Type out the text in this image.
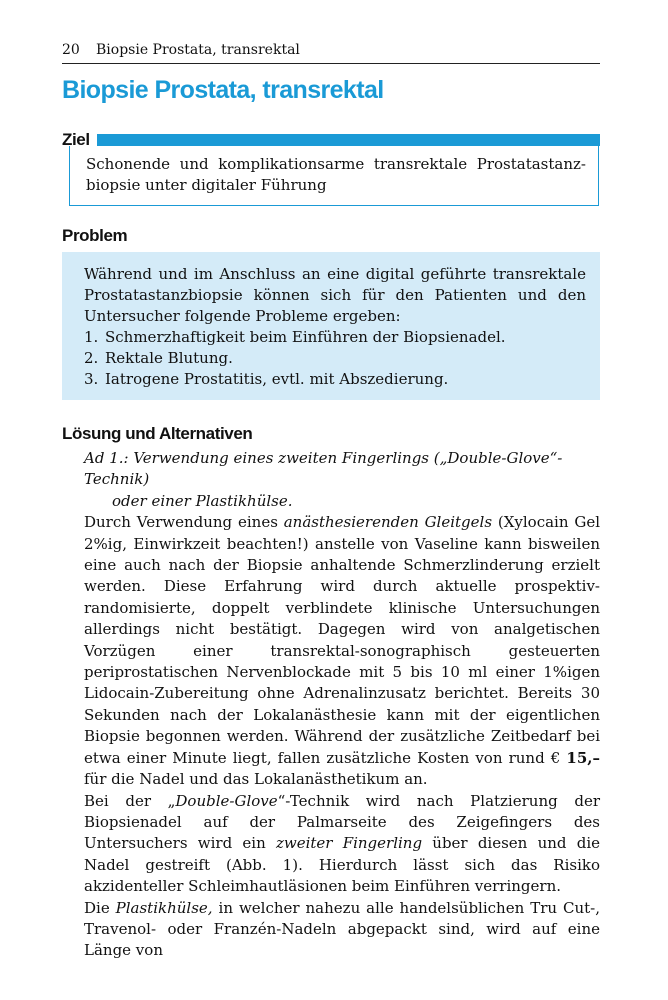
20 Biopsie Prostata, transrektal
Biopsie Prostata, transrektal
Ziel
Schonende und komplikationsarme transrektale Prostatastanzbiopsie unter digitaler Führung
Problem
Während und im Anschluss an eine digital geführte transrektale Prostatastanzbiopsie können sich für den Patienten und den Untersucher folgende Probleme ergeben:
1. Schmerzhaftigkeit beim Einführen der Biopsienadel.
2. Rektale Blutung.
3. Iatrogene Prostatitis, evtl. mit Abszedierung.
Lösung und Alternativen
Ad 1.: Verwendung eines zweiten Fingerlings („Double-Glove“-Technik)
oder einer Plastikhülse.

Durch Verwendung eines anästhesierenden Gleitgels (Xylocain Gel 2%ig, Einwirkzeit beachten!) anstelle von Vaseline kann bisweilen eine auch nach der Biopsie anhaltende Schmerzlinderung erzielt werden. Diese Erfahrung wird durch aktuelle prospektiv-randomisierte, doppelt verblindete klinische Untersuchungen allerdings nicht bestätigt. Dagegen wird von analgetischen Vorzügen einer transrektal-sonographisch gesteuerten periprostatischen Nervenblockade mit 5 bis 10 ml einer 1%igen Lidocain-Zubereitung ohne Adrenalinzusatz berichtet. Bereits 30 Sekunden nach der Lokalanästhesie kann mit der eigentlichen Biopsie begonnen werden. Während der zusätzliche Zeitbedarf bei etwa einer Minute liegt, fallen zusätzliche Kosten von rund € 15,– für die Nadel und das Lokalanästhetikum an.

Bei der „Double-Glove“-Technik wird nach Platzierung der Biopsienadel auf der Palmarseite des Zeigefingers des Untersuchers wird ein zweiter Fingerling über diesen und die Nadel gestreift (Abb. 1). Hierdurch lässt sich das Risiko akzidenteller Schleimhautläsionen beim Einführen verringern.

Die Plastikhülse, in welcher nahezu alle handelsüblichen Tru Cut-, Travenol- oder Franzén-Nadeln abgepackt sind, wird auf eine Länge von
